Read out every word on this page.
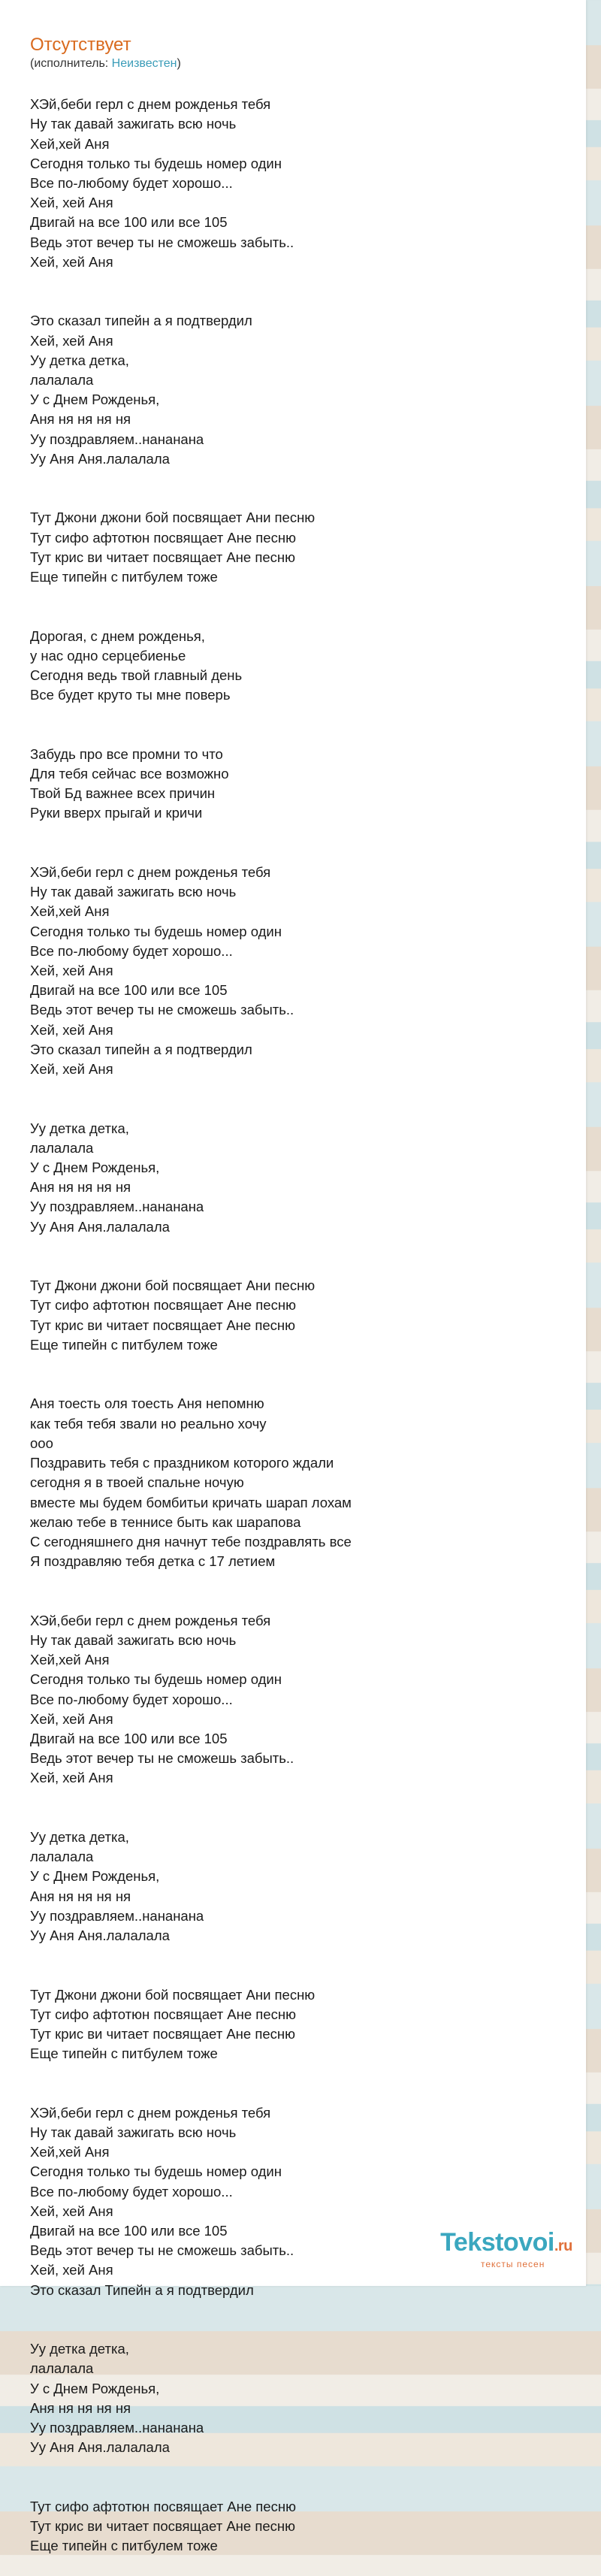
Отсутствует
(исполнитель: Неизвестен)

ХЭй,беби герл с днем рожденья тебя
Ну так давай зажигать всю ночь
Хей,хей Аня
Сегодня только ты будешь номер один
Все по-любому будет хорошо...
Хей, хей Аня
Двигай на все 100 или все 105
Ведь этот вечер ты не сможешь забыть..
Хей, хей Аня

Это сказал типейн а я подтвердил
Хей, хей Аня
Уу детка детка,
лалалала
У с Днем Рожденья,
Аня ня ня ня ня
Уу поздравляем..нананана
Уу Аня Аня.лалалала

Тут Джони джони бой посвящает Ани песню
Тут сифо афтотюн посвящает Ане песню
Тут крис ви читает посвящает Ане песню
Еще типейн с питбулем тоже

Дорогая, с днем рожденья,
у нас одно серцебиенье
Сегодня ведь твой главный день
Все будет круто ты мне поверь

Забудь про все промни то что
Для тебя сейчас все возможно
Твой Бд важнее всех причин
Руки вверх прыгай и кричи

ХЭй,беби герл с днем рожденья тебя
Ну так давай зажигать всю ночь
Хей,хей Аня
Сегодня только ты будешь номер один
Все по-любому будет хорошо...
Хей, хей Аня
Двигай на все 100 или все 105
Ведь этот вечер ты не сможешь забыть..
Хей, хей Аня
Это сказал типейн а я подтвердил
Хей, хей Аня

Уу детка детка,
лалалала
У с Днем Рожденья,
Аня ня ня ня ня
Уу поздравляем..нананана
Уу Аня Аня.лалалала

Тут Джони джони бой посвящает Ани песню
Тут сифо афтотюн посвящает Ане песню
Тут крис ви читает посвящает Ане песню
Еще типейн с питбулем тоже

Аня тоесть оля тоесть Аня непомню
как тебя тебя звали но реально хочу
ооо
Поздравить тебя с праздником которого ждали
сегодня я в твоей спальне ночую
вместе мы будем бомбитьи кричать шарап лохам
желаю тебе в теннисе быть как шарапова
С сегодняшнего дня начнут тебе поздравлять все
Я поздравляю тебя детка с 17 летием

ХЭй,беби герл с днем рожденья тебя
Ну так давай зажигать всю ночь
Хей,хей Аня
Сегодня только ты будешь номер один
Все по-любому будет хорошо...
Хей, хей Аня
Двигай на все 100 или все 105
Ведь этот вечер ты не сможешь забыть..
Хей, хей Аня

Уу детка детка,
лалалала
У с Днем Рожденья,
Аня ня ня ня ня
Уу поздравляем..нананана
Уу Аня Аня.лалалала

Тут Джони джони бой посвящает Ани песню
Тут сифо афтотюн посвящает Ане песню
Тут крис ви читает посвящает Ане песню
Еще типейн с питбулем тоже

ХЭй,беби герл с днем рожденья тебя
Ну так давай зажигать всю ночь
Хей,хей Аня
Сегодня только ты будешь номер один
Все по-любому будет хорошо...
Хей, хей Аня
Двигай на все 100 или все 105
Ведь этот вечер ты не сможешь забыть..
Хей, хей Аня
Это сказал Типейн а я подтвердил

Уу детка детка,
лалалала
У с Днем Рожденья,
Аня ня ня ня ня
Уу поздравляем..нананана
Уу Аня Аня.лалалала

Тут сифо афтотюн посвящает Ане песню
Тут крис ви читает посвящает Ане песню
Еще типейн с питбулем тоже

Tekstovoi.ru
тексты песен
